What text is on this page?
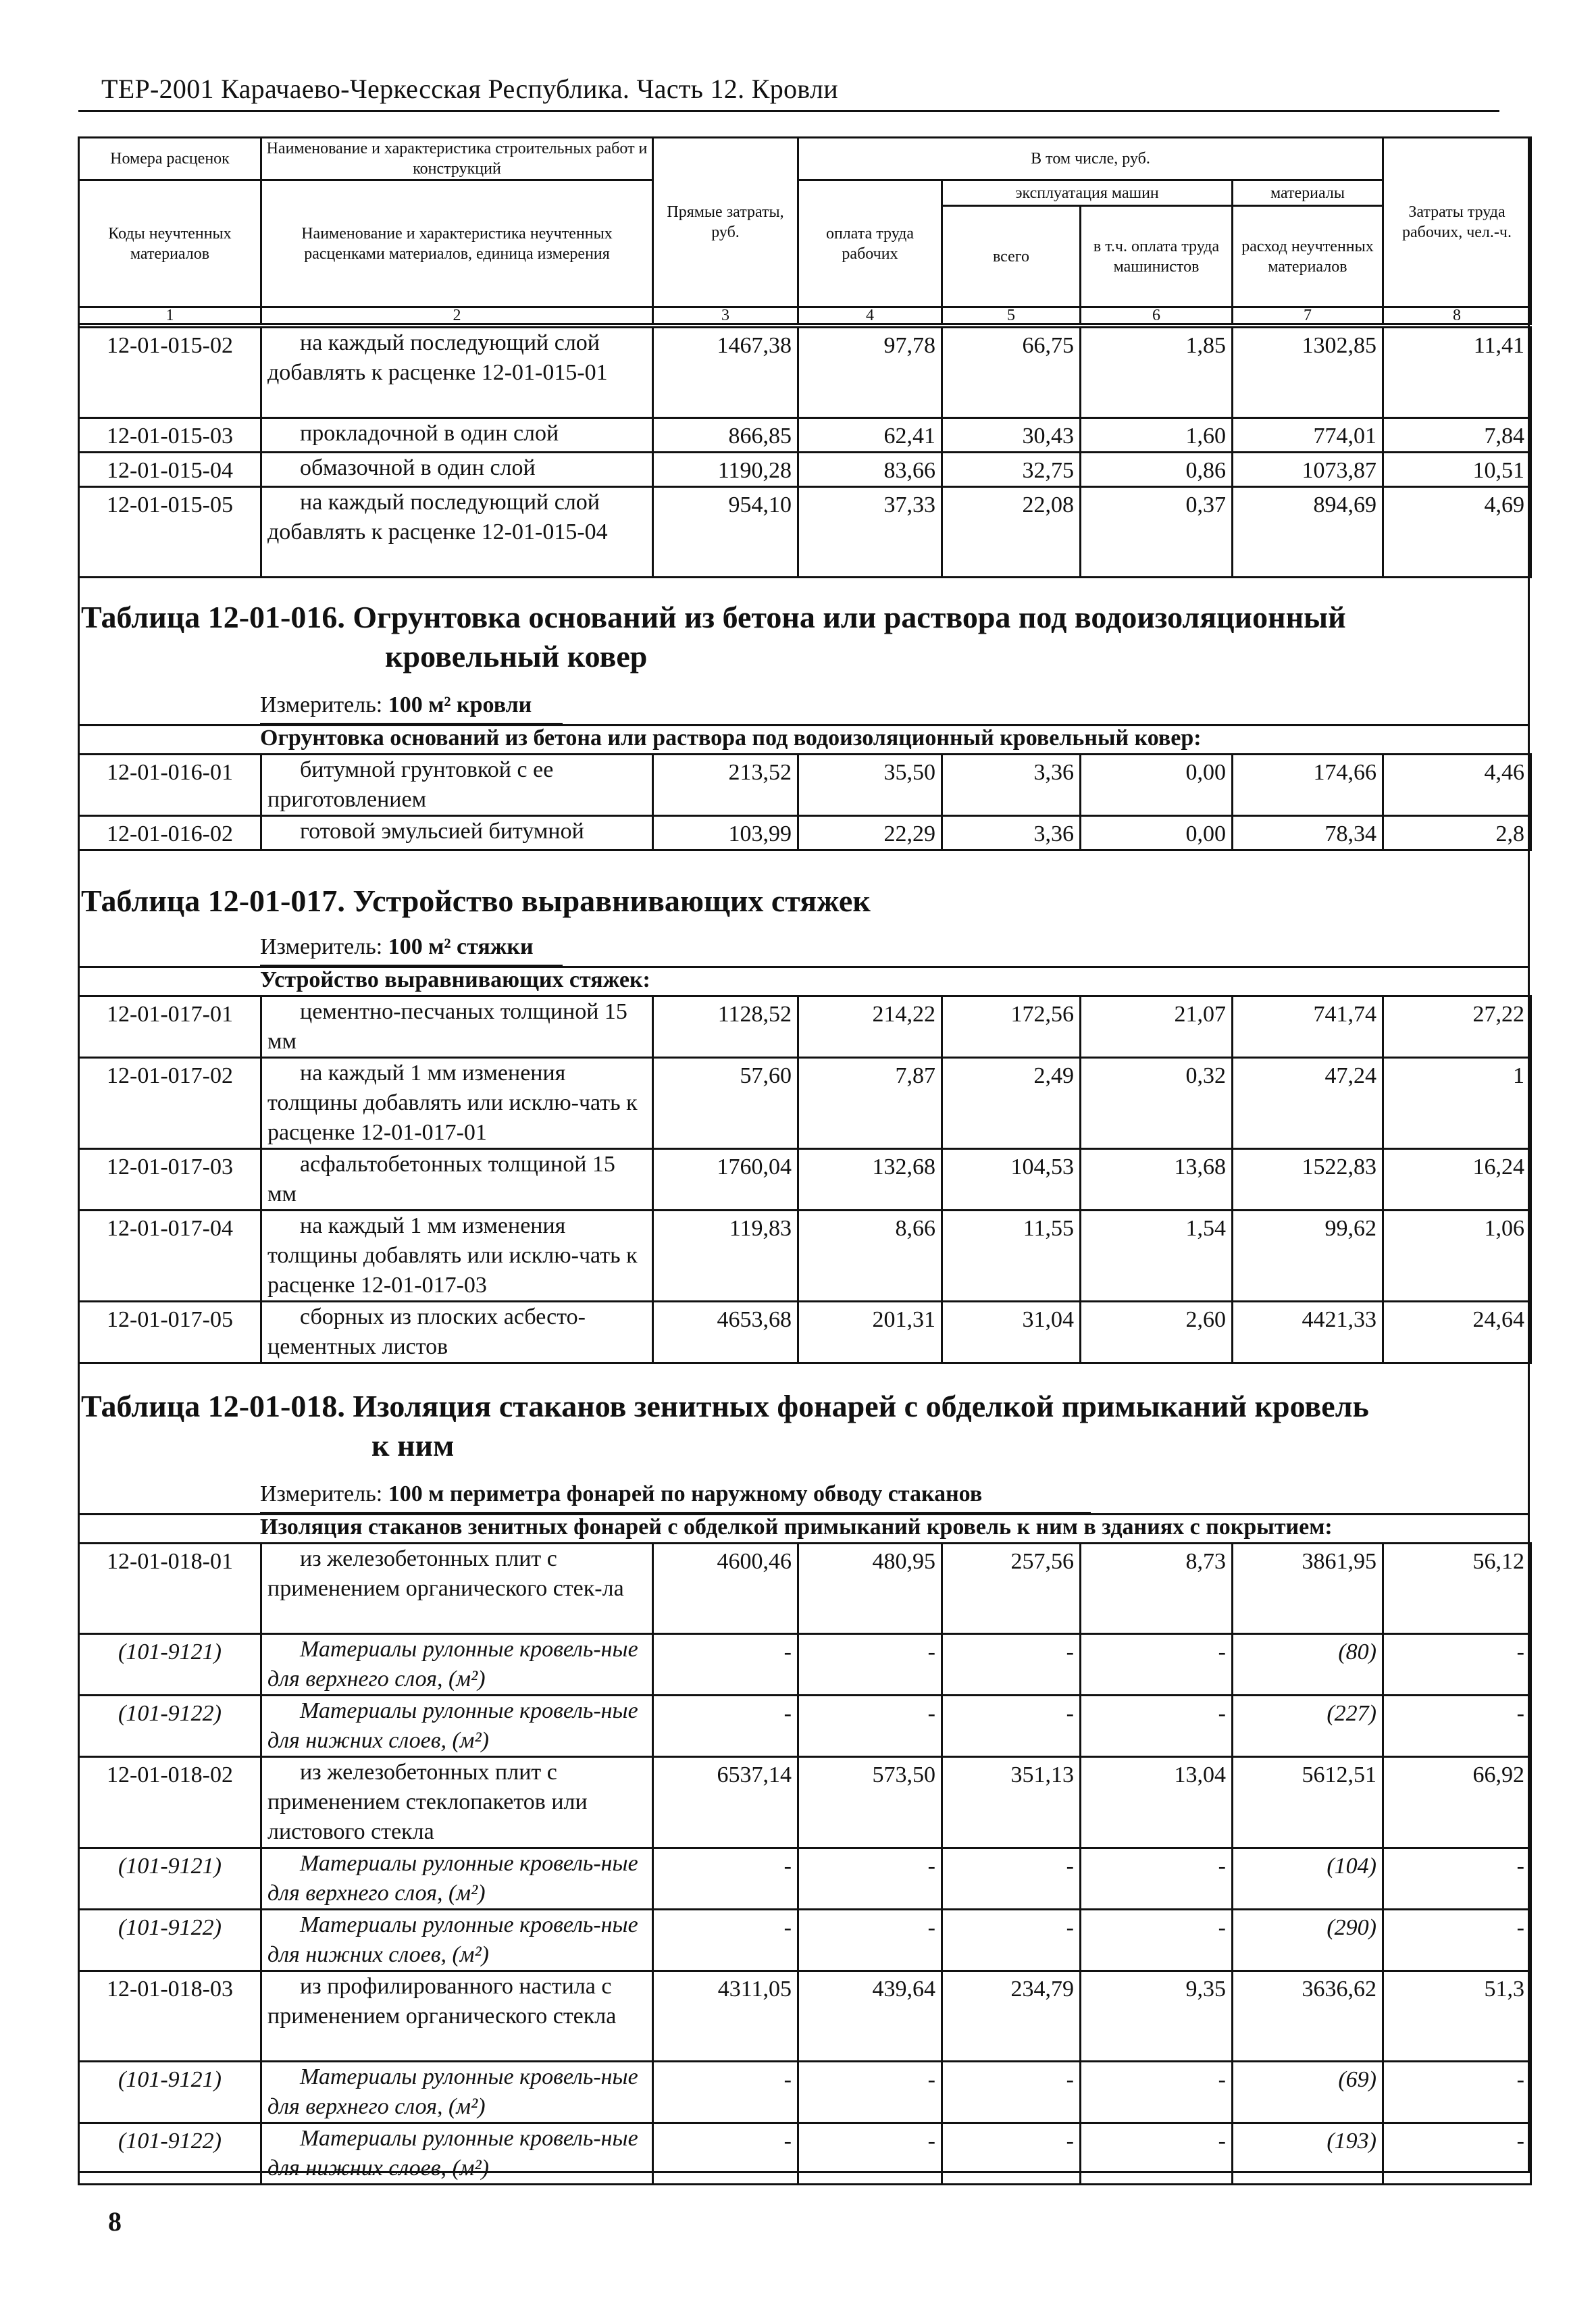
ТЕР-2001 Карачаево-Черкесская Республика. Часть 12. Кровли
Номера расценок	Наименование и характеристика строительных работ и конструкций	Прямые затраты, руб.	В том числе, руб.				Затраты труда рабочих, чел.-ч.
Коды неучтенных материалов	Наименование и характеристика неучтенных расценками материалов, единица измерения		оплата труда рабочих	эксплуатация машин		материалы	
				всего	в т.ч. оплата труда машинистов	расход неучтенных материалов	
1	2	3	4	5	6	7	8
12-01-015-02	на каждый последующий слой добавлять к расценке 12-01-015-01	1467,38	97,78	66,75	1,85	1302,85	11,41
12-01-015-03	прокладочной в один слой	866,85	62,41	30,43	1,60	774,01	7,84
12-01-015-04	обмазочной в один слой	1190,28	83,66	32,75	0,86	1073,87	10,51
12-01-015-05	на каждый последующий слой добавлять к расценке 12-01-015-04	954,10	37,33	22,08	0,37	894,69	4,69
Таблица 12-01-016. Огрунтовка оснований из бетона или раствора под водоизоляционный
кровельный ковер
Измеритель: 100 м² кровли
Огрунтовка оснований из бетона или раствора под водоизоляционный кровельный ковер:
12-01-016-01	битумной грунтовкой с ее приготовлением	213,52	35,50	3,36	0,00	174,66	4,46
12-01-016-02	готовой эмульсией битумной	103,99	22,29	3,36	0,00	78,34	2,8
Таблица 12-01-017. Устройство выравнивающих стяжек
Измеритель: 100 м² стяжки
Устройство выравнивающих стяжек:
12-01-017-01	цементно-песчаных толщиной 15 мм	1128,52	214,22	172,56	21,07	741,74	27,22
12-01-017-02	на каждый 1 мм изменения толщины добавлять или исклю-чать к расценке 12-01-017-01	57,60	7,87	2,49	0,32	47,24	1
12-01-017-03	асфальтобетонных толщиной 15 мм	1760,04	132,68	104,53	13,68	1522,83	16,24
12-01-017-04	на каждый 1 мм изменения толщины добавлять или исклю-чать к расценке 12-01-017-03	119,83	8,66	11,55	1,54	99,62	1,06
12-01-017-05	сборных из плоских асбесто-цементных листов	4653,68	201,31	31,04	2,60	4421,33	24,64
Таблица 12-01-018. Изоляция стаканов зенитных фонарей с обделкой примыканий кровель
к ним
Измеритель: 100 м периметра фонарей по наружному обводу стаканов
Изоляция стаканов зенитных фонарей с обделкой примыканий кровель к ним в зданиях с покрытием:
12-01-018-01	из железобетонных плит с применением органического стек-ла	4600,46	480,95	257,56	8,73	3861,95	56,12
(101-9121)	Материалы рулонные кровель-ные для верхнего слоя, (м²)	-	-	-	-	(80)	-
(101-9122)	Материалы рулонные кровель-ные для нижних слоев, (м²)	-	-	-	-	(227)	-
12-01-018-02	из железобетонных плит с применением стеклопакетов или листового стекла	6537,14	573,50	351,13	13,04	5612,51	66,92
(101-9121)	Материалы рулонные кровель-ные для верхнего слоя, (м²)	-	-	-	-	(104)	-
(101-9122)	Материалы рулонные кровель-ные для нижних слоев, (м²)	-	-	-	-	(290)	-
12-01-018-03	из профилированного настила с применением органического стекла	4311,05	439,64	234,79	9,35	3636,62	51,3
(101-9121)	Материалы рулонные кровель-ные для верхнего слоя, (м²)	-	-	-	-	(69)	-
(101-9122)	Материалы рулонные кровель-ные для нижних слоев, (м²)	-	-	-	-	(193)	-
8
